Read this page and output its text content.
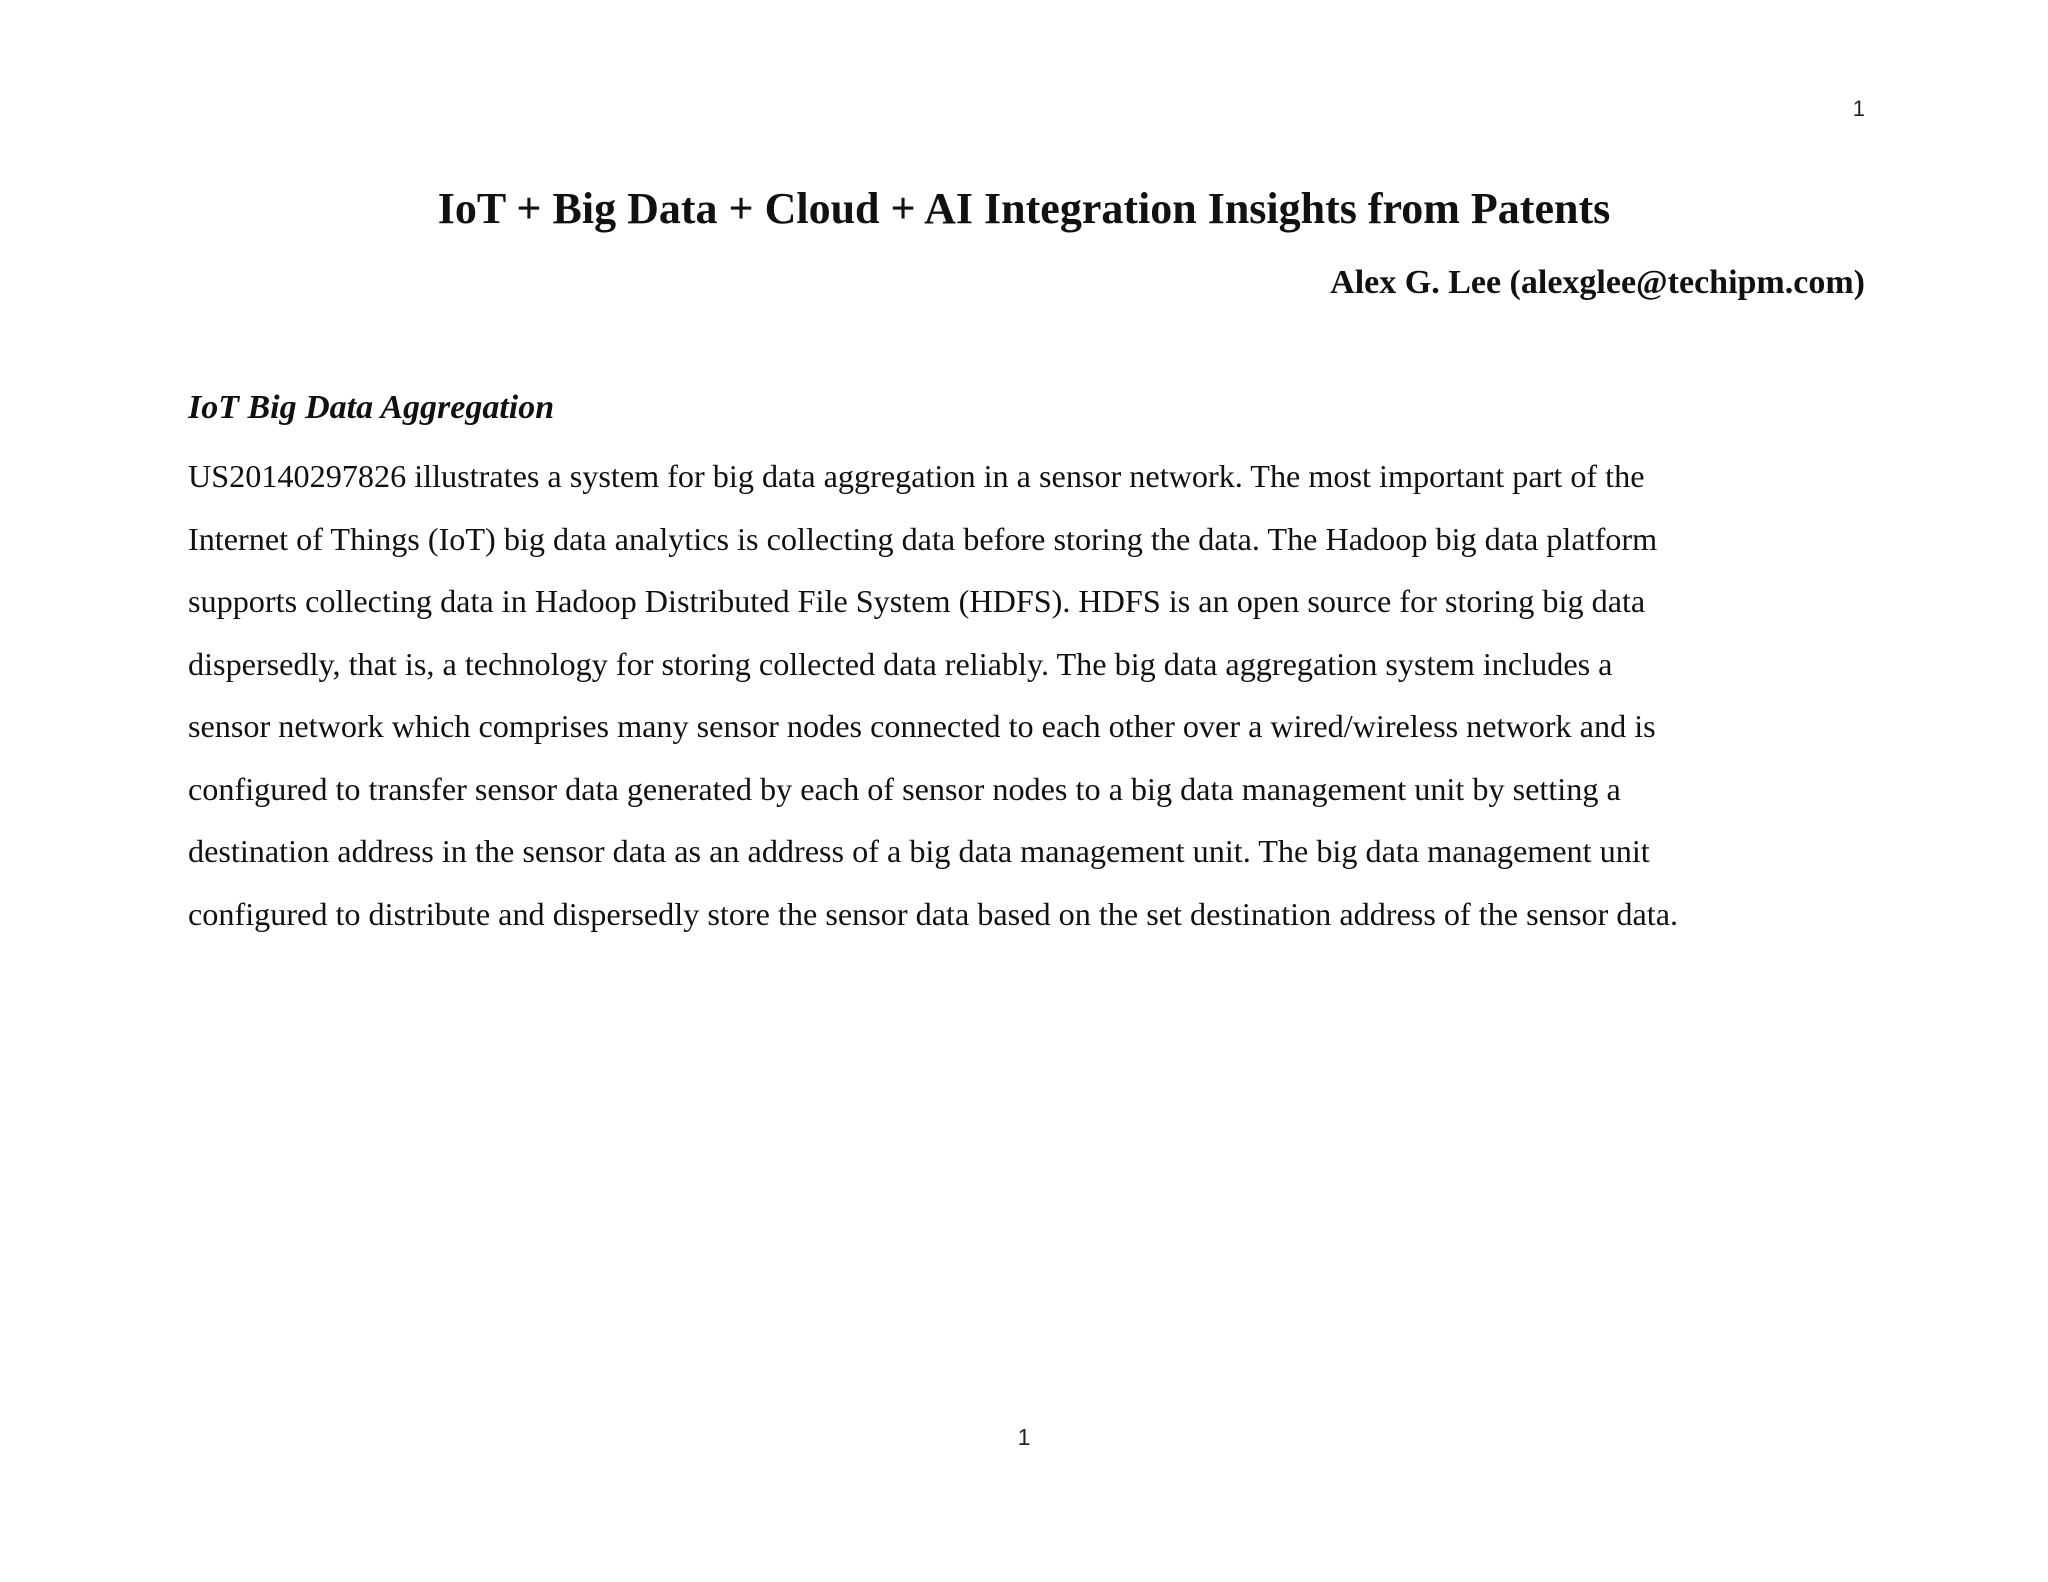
1
IoT + Big Data + Cloud + AI Integration Insights from Patents
Alex G. Lee (alexglee@techipm.com)
IoT Big Data Aggregation
US20140297826 illustrates a system for big data aggregation in a sensor network. The most important part of the
Internet of Things (IoT) big data analytics is collecting data before storing the data. The Hadoop big data platform
supports collecting data in Hadoop Distributed File System (HDFS). HDFS is an open source for storing big data
dispersedly, that is, a technology for storing collected data reliably. The big data aggregation system includes a
sensor network which comprises many sensor nodes connected to each other over a wired/wireless network and is
configured to transfer sensor data generated by each of sensor nodes to a big data management unit by setting a
destination address in the sensor data as an address of a big data management unit. The big data management unit
configured to distribute and dispersedly store the sensor data based on the set destination address of the sensor data.
1
